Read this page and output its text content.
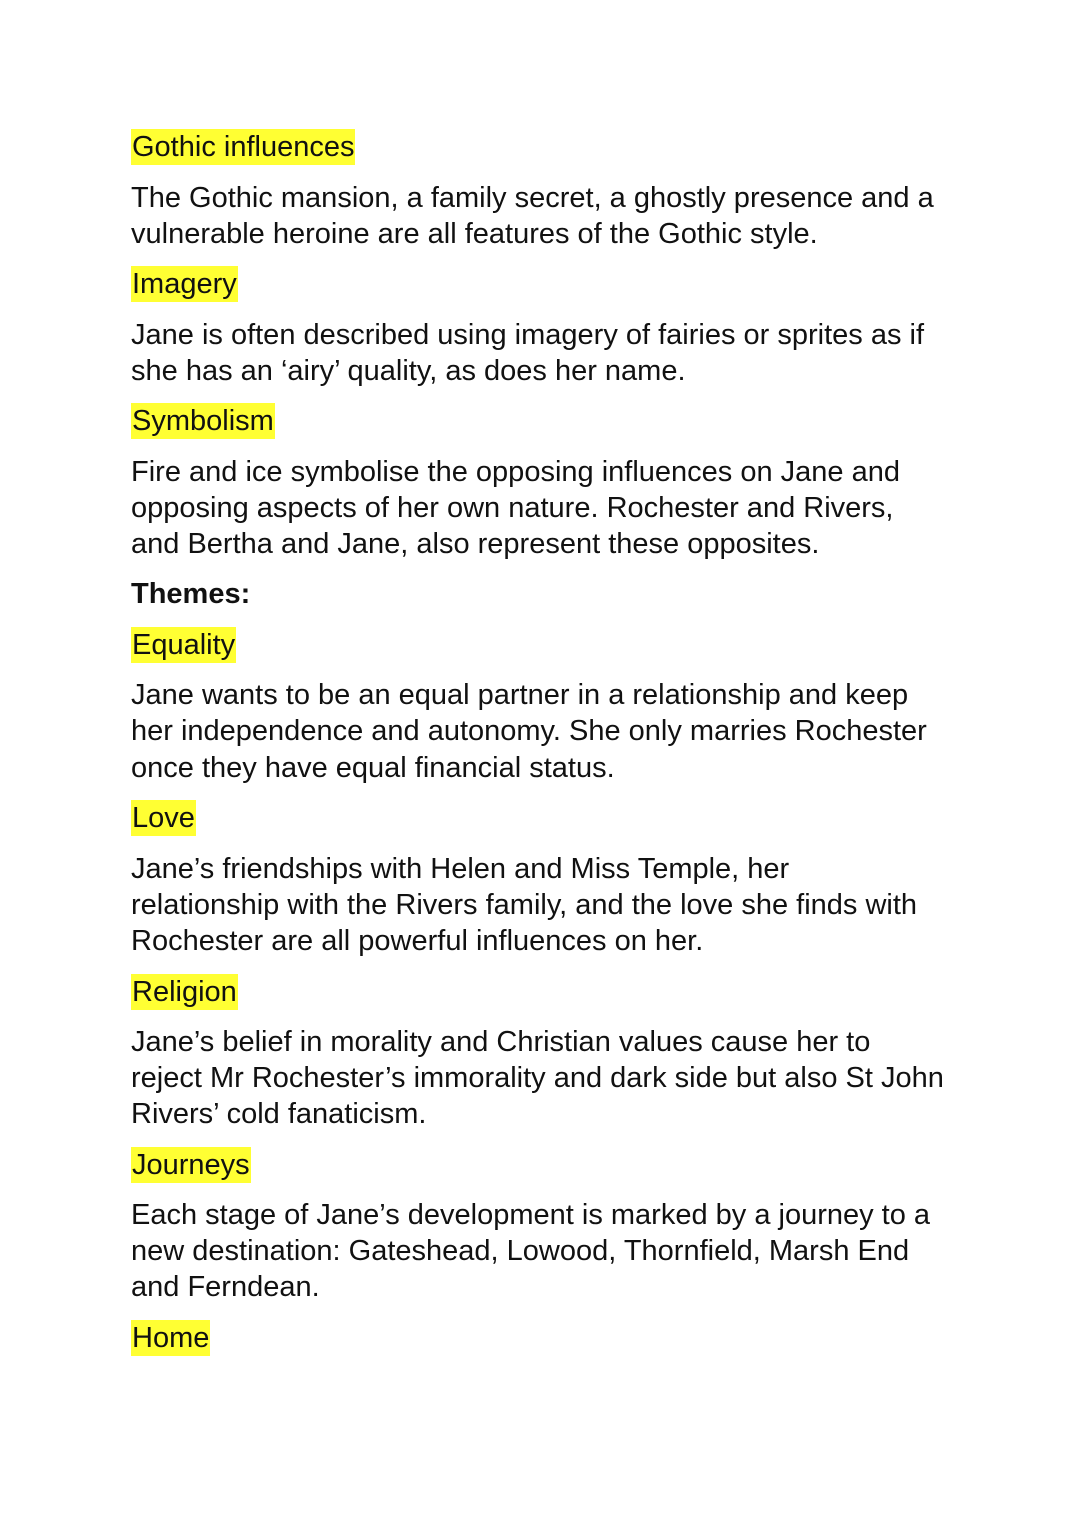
Gothic influences
The Gothic mansion, a family secret, a ghostly presence and a
vulnerable heroine are all features of the Gothic style.
Imagery
Jane is often described using imagery of fairies or sprites as if
she has an ‘airy’ quality, as does her name.
Symbolism
Fire and ice symbolise the opposing influences on Jane and
opposing aspects of her own nature. Rochester and Rivers,
and Bertha and Jane, also represent these opposites.
Themes:
Equality
Jane wants to be an equal partner in a relationship and keep
her independence and autonomy. She only marries Rochester
once they have equal financial status.
Love
Jane’s friendships with Helen and Miss Temple, her
relationship with the Rivers family, and the love she finds with
Rochester are all powerful influences on her.
Religion
Jane’s belief in morality and Christian values cause her to
reject Mr Rochester’s immorality and dark side but also St John
Rivers’ cold fanaticism.
Journeys
Each stage of Jane’s development is marked by a journey to a
new destination: Gateshead, Lowood, Thornfield, Marsh End
and Ferndean.
Home
